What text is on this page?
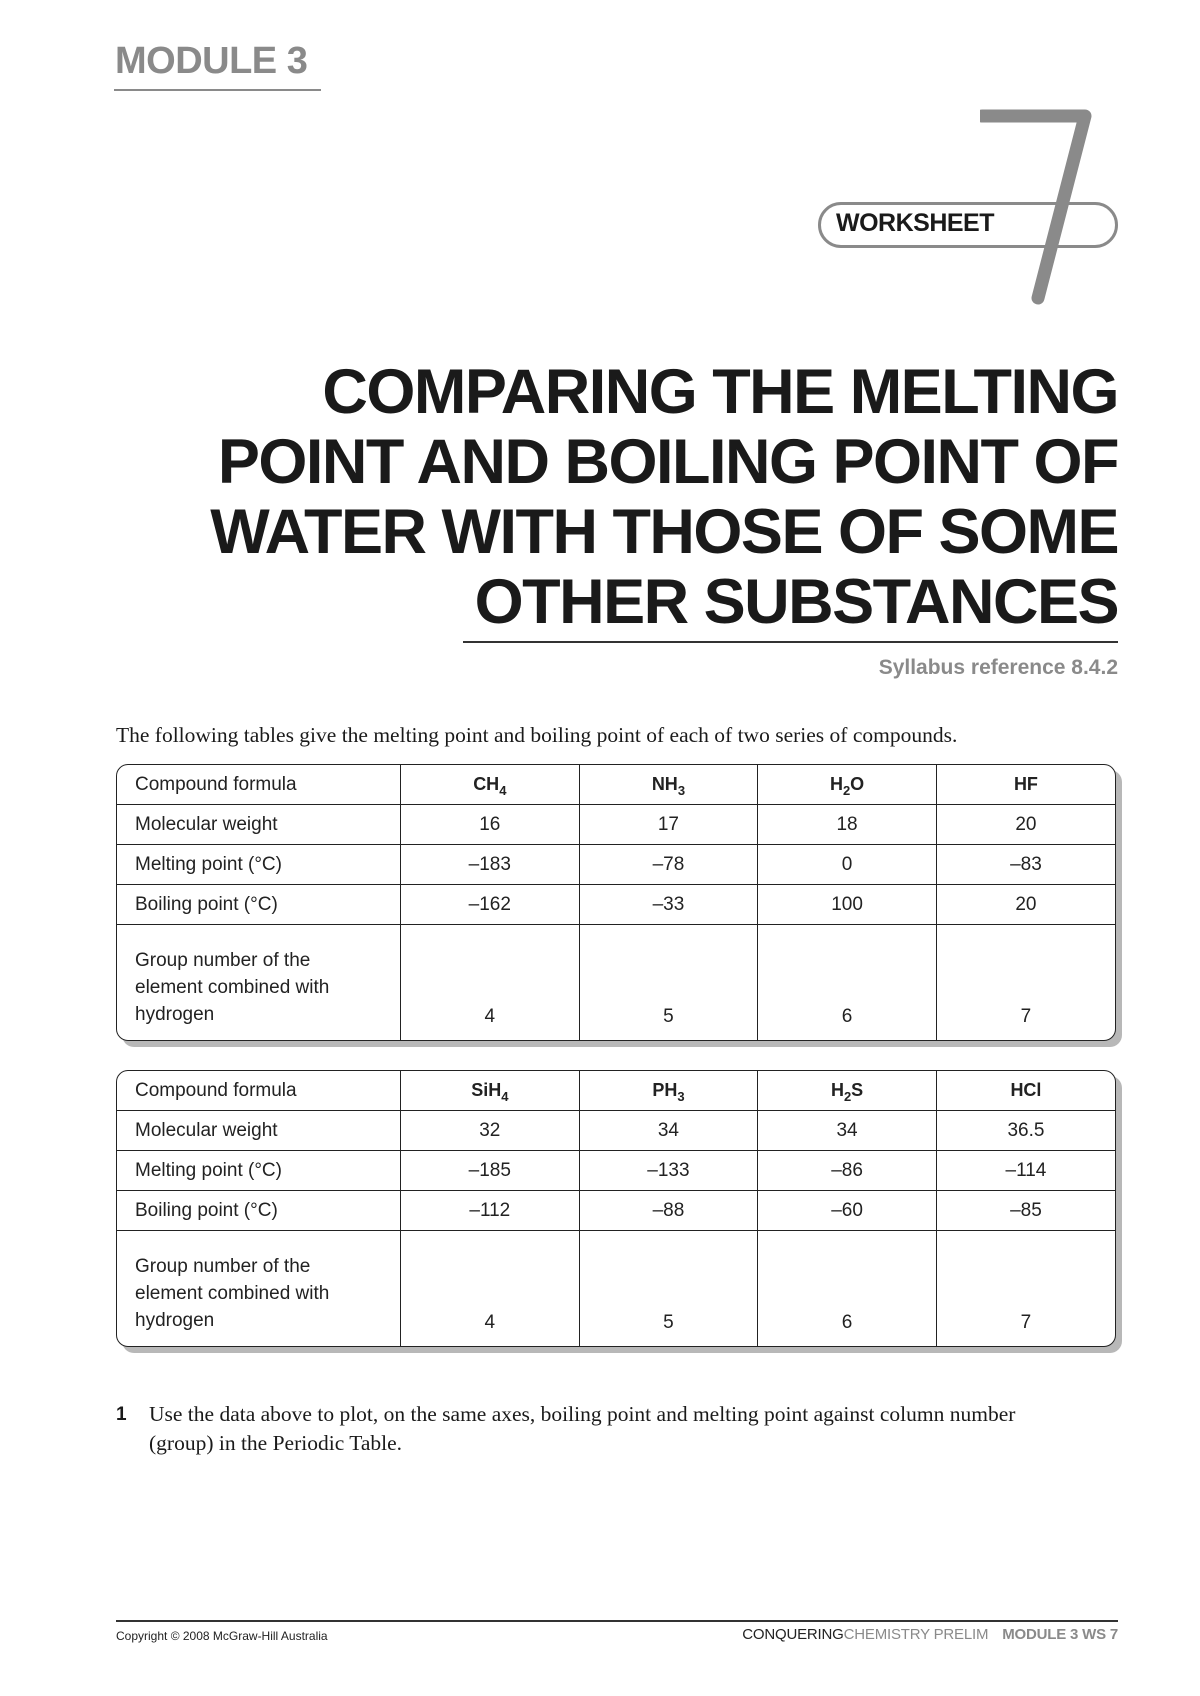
MODULE 3
WORKSHEET
COMPARING THE MELTING
POINT AND BOILING POINT OF
WATER WITH THOSE OF SOME
OTHER SUBSTANCES
Syllabus reference 8.4.2
The following tables give the melting point and boiling point of each of two series of compounds.
Compound formula	$CH_4$	$NH_3$	$H_2O$	HF
Molecular weight	16	17	18	20
Melting point (°C)	–183	–78	0	–83
Boiling point (°C)	–162	–33	100	20

Group number of the
element combined with
hydrogen	4	5	6	7
Compound formula	SiH$_4$	$PH_3$	$H_2S$	HCl
Molecular weight	32	34	34	36.5
Melting point (°C)	–185	–133	–86	–114
Boiling point (°C)	–112	–88	–60	–85

Group number of the
element combined with
hydrogen	4	5	6	7
1 Use the data above to plot, on the same axes, boiling point and melting point against column number (group) in the Periodic Table.
Copyright © 2008 McGraw-Hill Australia	CONQUERINGCHEMISTRY PRELIM MODULE 3 WS 7
